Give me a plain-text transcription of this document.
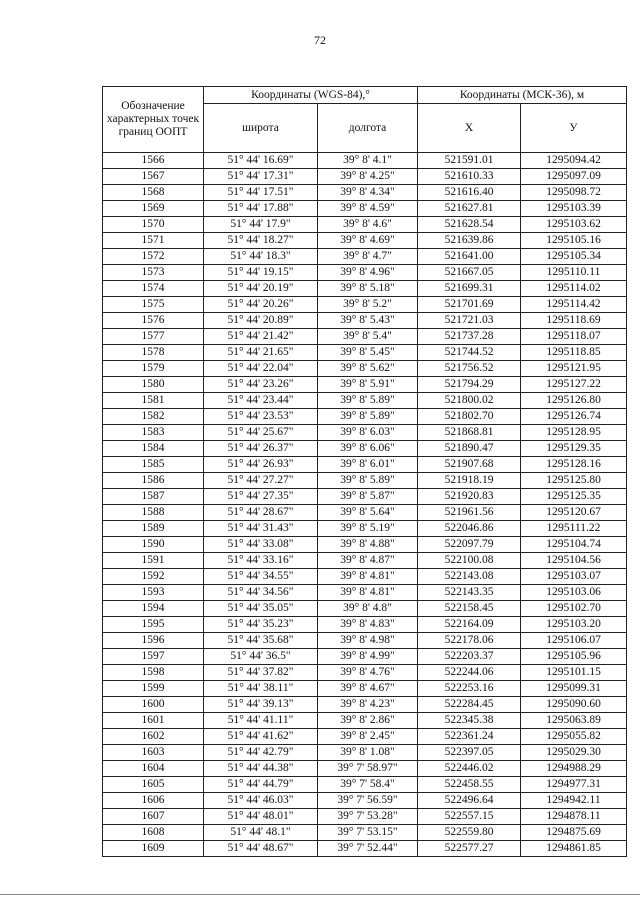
72
Обозначение характерных точек границ ООПТ	Координаты (WGS-84),°		Координаты (МСК-36), м	
	широта	долгота	X	У
1566	51° 44' 16.69"	39° 8' 4.1"	521591.01	1295094.42
1567	51° 44' 17.31"	39° 8' 4.25"	521610.33	1295097.09
1568	51° 44' 17.51"	39° 8' 4.34"	521616.40	1295098.72
1569	51° 44' 17.88"	39° 8' 4.59"	521627.81	1295103.39
1570	51° 44' 17.9"	39° 8' 4.6"	521628.54	1295103.62
1571	51° 44' 18.27"	39° 8' 4.69"	521639.86	1295105.16
1572	51° 44' 18.3"	39° 8' 4.7"	521641.00	1295105.34
1573	51° 44' 19.15"	39° 8' 4.96"	521667.05	1295110.11
1574	51° 44' 20.19"	39° 8' 5.18"	521699.31	1295114.02
1575	51° 44' 20.26"	39° 8' 5.2"	521701.69	1295114.42
1576	51° 44' 20.89"	39° 8' 5.43"	521721.03	1295118.69
1577	51° 44' 21.42"	39° 8' 5.4"	521737.28	1295118.07
1578	51° 44' 21.65"	39° 8' 5.45"	521744.52	1295118.85
1579	51° 44' 22.04"	39° 8' 5.62"	521756.52	1295121.95
1580	51° 44' 23.26"	39° 8' 5.91"	521794.29	1295127.22
1581	51° 44' 23.44"	39° 8' 5.89"	521800.02	1295126.80
1582	51° 44' 23.53"	39° 8' 5.89"	521802.70	1295126.74
1583	51° 44' 25.67"	39° 8' 6.03"	521868.81	1295128.95
1584	51° 44' 26.37"	39° 8' 6.06"	521890.47	1295129.35
1585	51° 44' 26.93"	39° 8' 6.01"	521907.68	1295128.16
1586	51° 44' 27.27"	39° 8' 5.89"	521918.19	1295125.80
1587	51° 44' 27.35"	39° 8' 5.87"	521920.83	1295125.35
1588	51° 44' 28.67"	39° 8' 5.64"	521961.56	1295120.67
1589	51° 44' 31.43"	39° 8' 5.19"	522046.86	1295111.22
1590	51° 44' 33.08"	39° 8' 4.88"	522097.79	1295104.74
1591	51° 44' 33.16"	39° 8' 4.87"	522100.08	1295104.56
1592	51° 44' 34.55"	39° 8' 4.81"	522143.08	1295103.07
1593	51° 44' 34.56"	39° 8' 4.81"	522143.35	1295103.06
1594	51° 44' 35.05"	39° 8' 4.8"	522158.45	1295102.70
1595	51° 44' 35.23"	39° 8' 4.83"	522164.09	1295103.20
1596	51° 44' 35.68"	39° 8' 4.98"	522178.06	1295106.07
1597	51° 44' 36.5"	39° 8' 4.99"	522203.37	1295105.96
1598	51° 44' 37.82"	39° 8' 4.76"	522244.06	1295101.15
1599	51° 44' 38.11"	39° 8' 4.67"	522253.16	1295099.31
1600	51° 44' 39.13"	39° 8' 4.23"	522284.45	1295090.60
1601	51° 44' 41.11"	39° 8' 2.86"	522345.38	1295063.89
1602	51° 44' 41.62"	39° 8' 2.45"	522361.24	1295055.82
1603	51° 44' 42.79"	39° 8' 1.08"	522397.05	1295029.30
1604	51° 44' 44.38"	39° 7' 58.97"	522446.02	1294988.29
1605	51° 44' 44.79"	39° 7' 58.4"	522458.55	1294977.31
1606	51° 44' 46.03"	39° 7' 56.59"	522496.64	1294942.11
1607	51° 44' 48.01"	39° 7' 53.28"	522557.15	1294878.11
1608	51° 44' 48.1"	39° 7' 53.15"	522559.80	1294875.69
1609	51° 44' 48.67"	39° 7' 52.44"	522577.27	1294861.85
